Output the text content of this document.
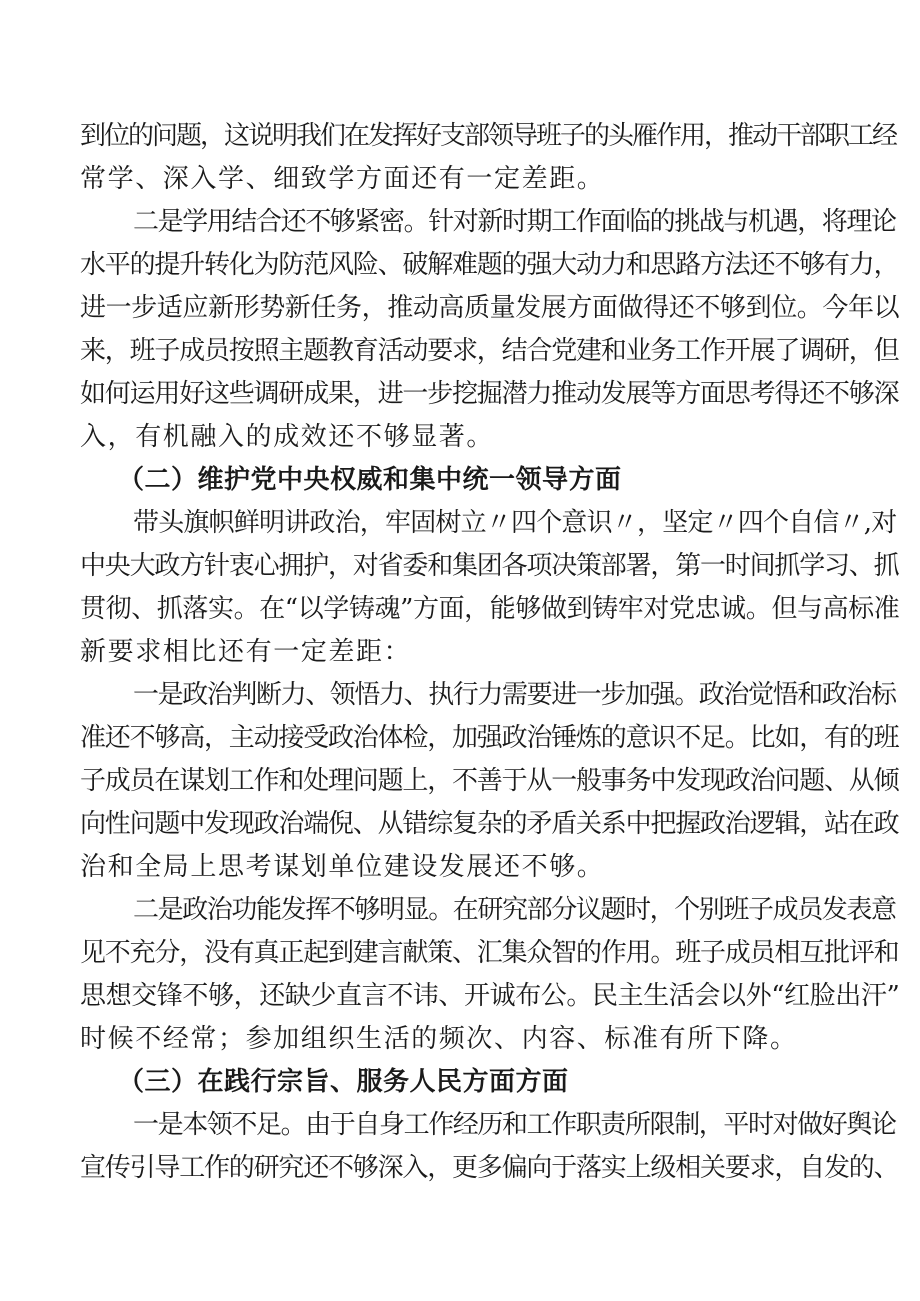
到位的问题，这说明我们在发挥好支部领导班子的头雁作用，推动干部职工经
常学、深入学、细致学方面还有一定差距。
二是学用结合还不够紧密。针对新时期工作面临的挑战与机遇，将理论
水平的提升转化为防范风险、破解难题的强大动力和思路方法还不够有力，
进一步适应新形势新任务，推动高质量发展方面做得还不够到位。今年以
来，班子成员按照主题教育活动要求，结合党建和业务工作开展了调研，但
如何运用好这些调研成果，进一步挖掘潜力推动发展等方面思考得还不够深
入，有机融入的成效还不够显著。
（二）维护党中央权威和集中统一领导方面
带头旗帜鲜明讲政治，牢固树立〃四个意识〃，坚定〃四个自信〃,对
中央大政方针衷心拥护，对省委和集团各项决策部署，第一时间抓学习、抓
贯彻、抓落实。在“以学铸魂”方面，能够做到铸牢对党忠诚。但与高标准
新要求相比还有一定差距：
一是政治判断力、领悟力、执行力需要进一步加强。政治觉悟和政治标
准还不够高，主动接受政治体检，加强政治锤炼的意识不足。比如，有的班
子成员在谋划工作和处理问题上，不善于从一般事务中发现政治问题、从倾
向性问题中发现政治端倪、从错综复杂的矛盾关系中把握政治逻辑，站在政
治和全局上思考谋划单位建设发展还不够。
二是政治功能发挥不够明显。在研究部分议题时，个别班子成员发表意
见不充分，没有真正起到建言献策、汇集众智的作用。班子成员相互批评和
思想交锋不够，还缺少直言不讳、开诚布公。民主生活会以外“红脸出汗”
时候不经常；参加组织生活的频次、内容、标准有所下降。
（三）在践行宗旨、服务人民方面方面
一是本领不足。由于自身工作经历和工作职责所限制，平时对做好舆论
宣传引导工作的研究还不够深入，更多偏向于落实上级相关要求，自发的、
